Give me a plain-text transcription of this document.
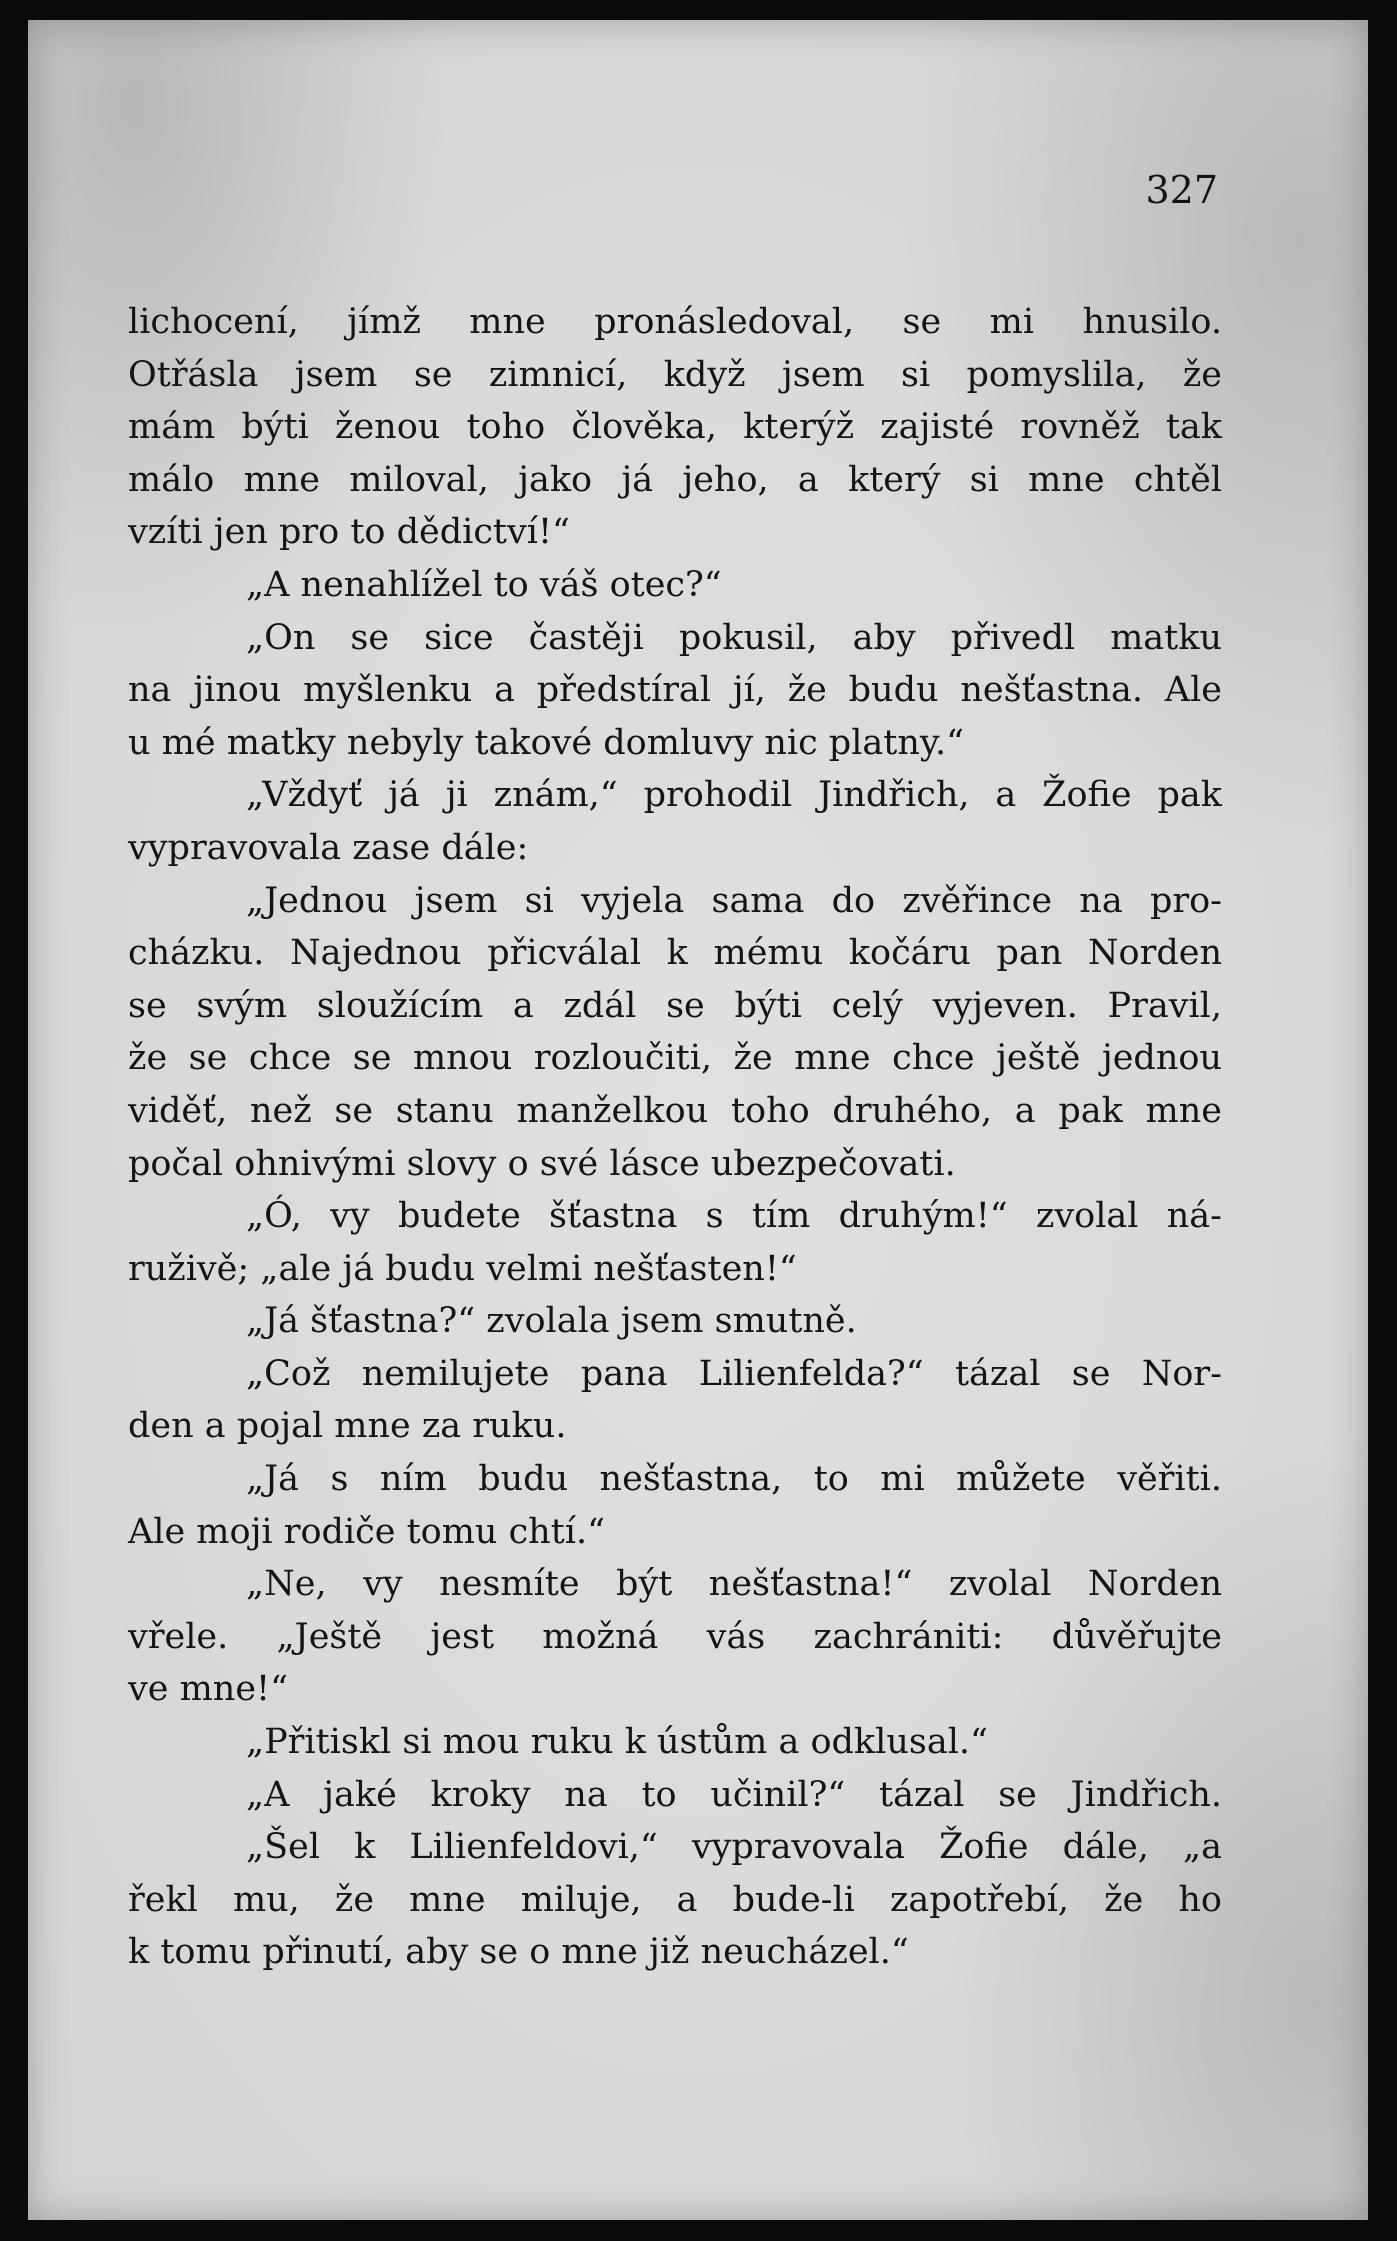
327
lichocení, jímž mne pronásledoval, se mi hnusilo.
Otřásla jsem se zimnicí, když jsem si pomyslila, že
mám býti ženou toho člověka, kterýž zajisté rovněž tak
málo mne miloval, jako já jeho, a který si mne chtěl
vzíti jen pro to dědictví!“
„A nenahlížel to váš otec?“
„On se sice častěji pokusil, aby přivedl matku
na jinou myšlenku a předstíral jí, že budu nešťastna. Ale
u mé matky nebyly takové domluvy nic platny.“
„Vždyť já ji znám,“ prohodil Jindřich, a Žofie pak
vypravovala zase dále:
„Jednou jsem si vyjela sama do zvěřince na pro-
cházku. Najednou přicválal k mému kočáru pan Norden
se svým sloužícím a zdál se býti celý vyjeven. Pravil,
že se chce se mnou rozloučiti, že mne chce ještě jednou
viděť, než se stanu manželkou toho druhého, a pak mne
počal ohnivými slovy o své lásce ubezpečovati.
„Ó, vy budete šťastna s tím druhým!“ zvolal ná-
ruživě; „ale já budu velmi nešťasten!“
„Já šťastna?“ zvolala jsem smutně.
„Což nemilujete pana Lilienfelda?“ tázal se Nor-
den a pojal mne za ruku.
„Já s ním budu nešťastna, to mi můžete věřiti.
Ale moji rodiče tomu chtí.“
„Ne, vy nesmíte být nešťastna!“ zvolal Norden
vřele. „Ještě jest možná vás zachrániti: důvěřujte
ve mne!“
„Přitiskl si mou ruku k ústům a odklusal.“
„A jaké kroky na to učinil?“ tázal se Jindřich.
„Šel k Lilienfeldovi,“ vypravovala Žofie dále, „a
řekl mu, že mne miluje, a bude-li zapotřebí, že ho
k tomu přinutí, aby se o mne již neucházel.“
